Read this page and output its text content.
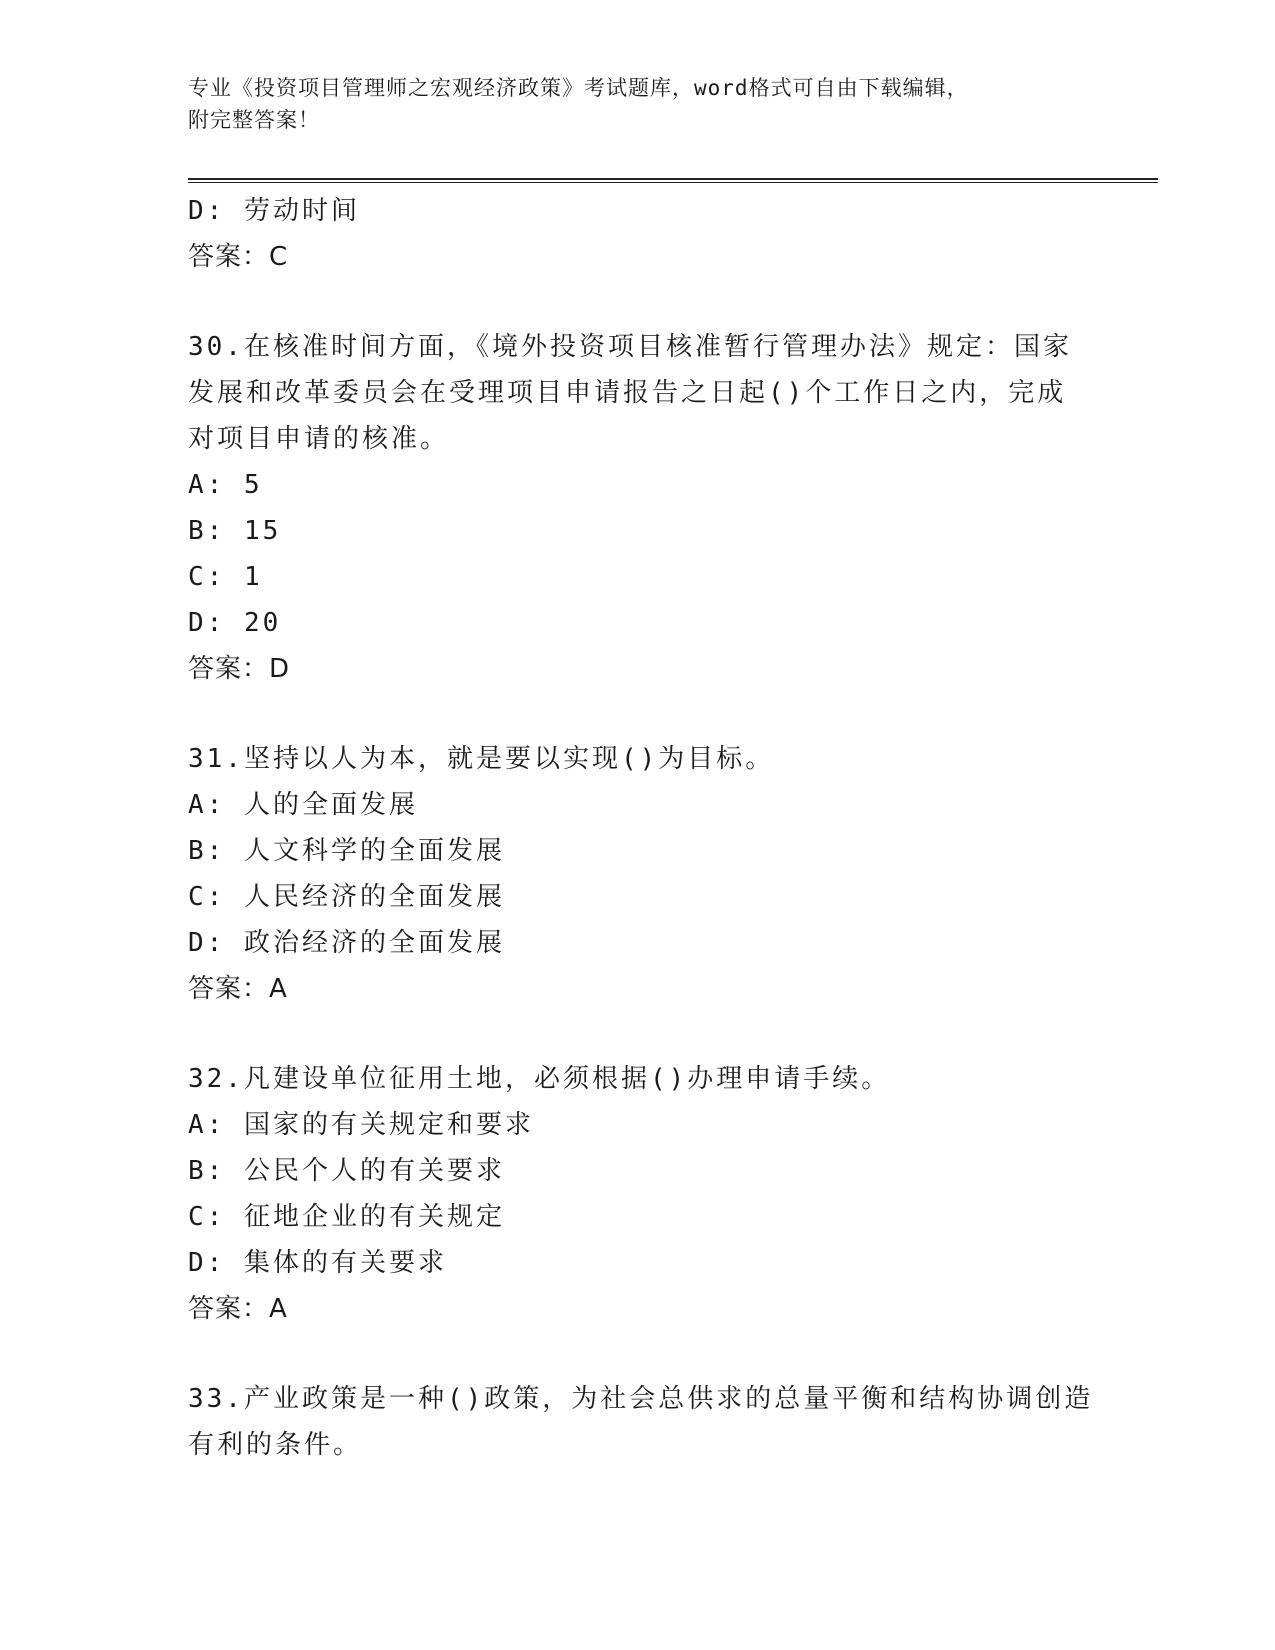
专业《投资项目管理师之宏观经济政策》考试题库，word格式可自由下载编辑，
附完整答案！
D: 劳动时间
答案：C
30.在核准时间方面，《境外投资项目核准暂行管理办法》规定：国家
发展和改革委员会在受理项目申请报告之日起()个工作日之内，完成
对项目申请的核准。
A: 5
B: 15
C: 1
D: 20
答案：D
31.坚持以人为本，就是要以实现()为目标。
A: 人的全面发展
B: 人文科学的全面发展
C: 人民经济的全面发展
D: 政治经济的全面发展
答案：A
32.凡建设单位征用土地，必须根据()办理申请手续。
A: 国家的有关规定和要求
B: 公民个人的有关要求
C: 征地企业的有关规定
D: 集体的有关要求
答案：A
33.产业政策是一种()政策，为社会总供求的总量平衡和结构协调创造
有利的条件。
